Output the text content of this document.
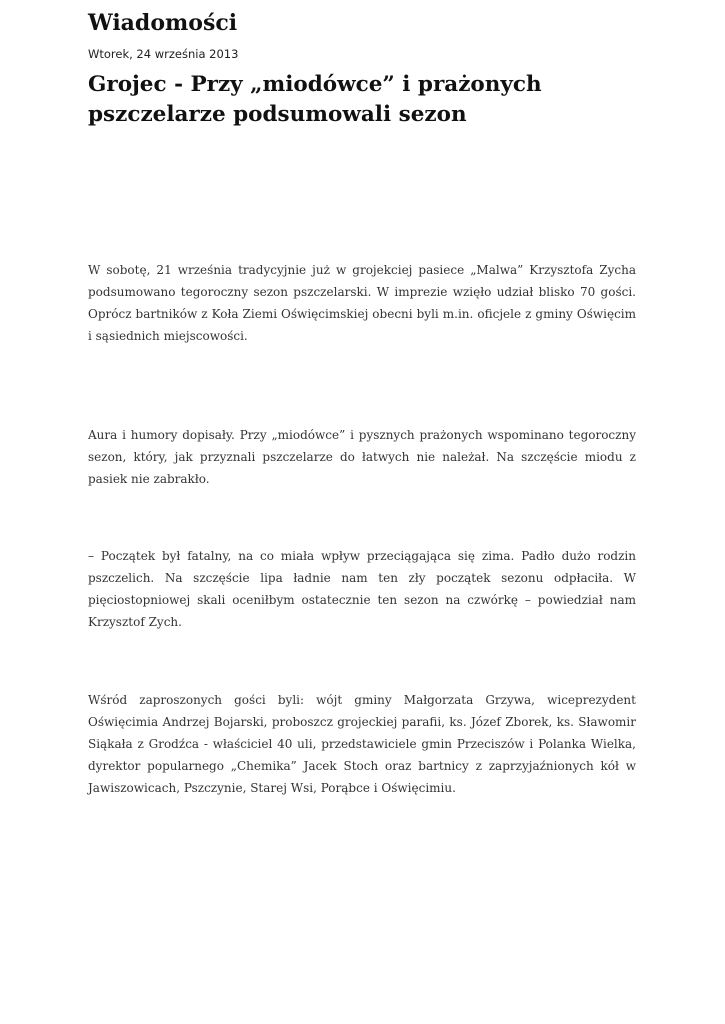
Wiadomości

Wtorek, 24 września 2013

Grojec - Przy „miodówce” i prażonych pszczelarze podsumowali sezon

W sobotę, 21 września tradycyjnie już w grojekciej pasiece „Malwa” Krzysztofa Zycha podsumowano tegoroczny sezon pszczelarski. W imprezie wzięło udział blisko 70 gości. Oprócz bartników z Koła Ziemi Oświęcimskiej obecni byli m.in. oficjele z gminy Oświęcim i sąsiednich miejscowości.

Aura i humory dopisały. Przy „miodówce” i pysznych prażonych wspominano tegoroczny sezon, który, jak przyznali pszczelarze do łatwych nie należał. Na szczęście miodu z pasiek nie zabrakło.

– Początek był fatalny, na co miała wpływ przeciągająca się zima. Padło dużo rodzin pszczelich. Na szczęście lipa ładnie nam ten zły początek sezonu odpłaciła. W pięciostopniowej skali oceniłbym ostatecznie ten sezon na czwórkę – powiedział nam Krzysztof Zych.

Wśród zaproszonych gości byli: wójt gminy Małgorzata Grzywa, wiceprezydent Oświęcimia Andrzej Bojarski, proboszcz grojeckiej parafii, ks. Józef Zborek, ks. Sławomir Siąkała z Grodźca - właściciel 40 uli, przedstawiciele gmin Przeciszów i Polanka Wielka, dyrektor popularnego „Chemika” Jacek Stoch oraz bartnicy z zaprzyjaźnionych kół w Jawiszowicach, Pszczynie, Starej Wsi, Porąbce i Oświęcimiu.
